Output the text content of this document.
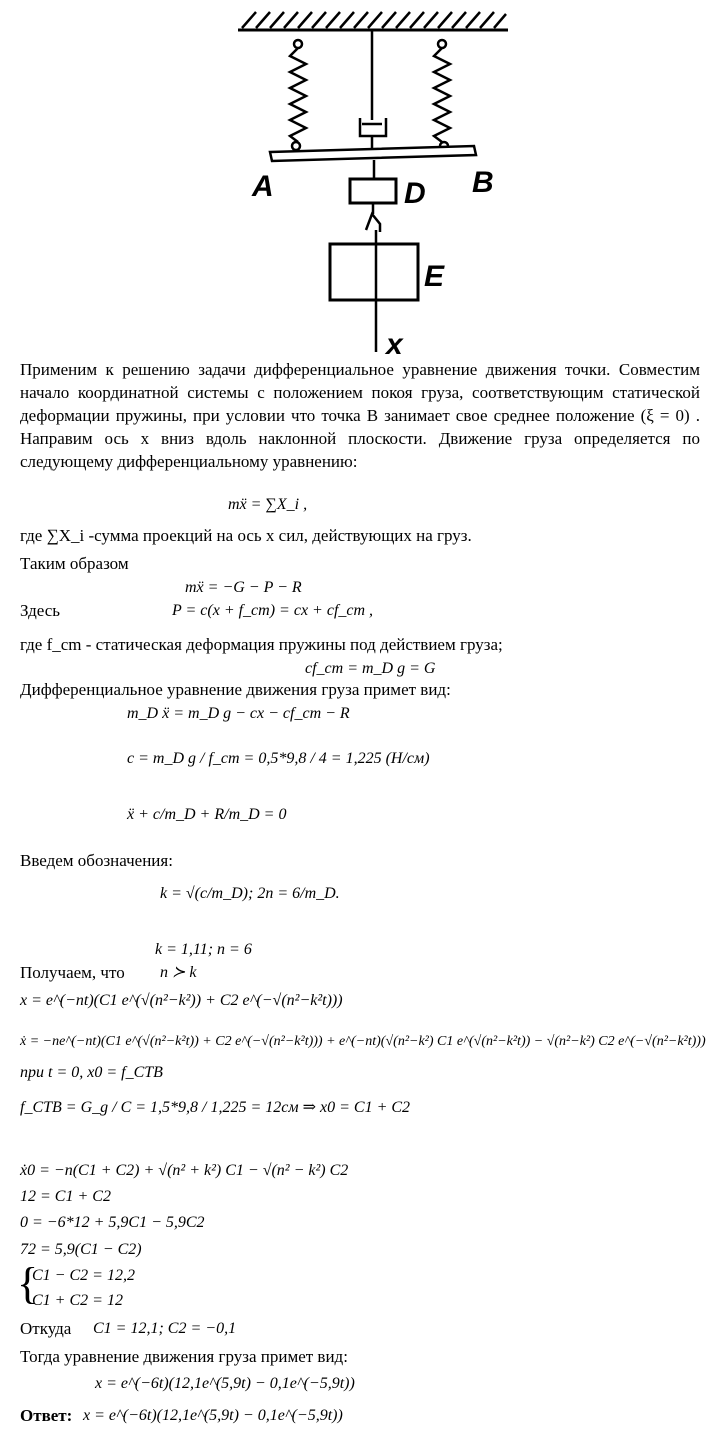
A	B
D
E
x
Применим к решению задачи дифференциальное уравнение движения точки. Совместим начало координатной системы с положением покоя груза, соответствующим статической деформации пружины, при условии что точка В занимает свое среднее положение (ξ = 0) . Направим ось x вниз вдоль наклонной плоскости. Движение груза определяется по следующему дифференциальному уравнению:
mẍ = ∑X_i ,
где ∑X_i -сумма проекций на ось x сил, действующих на груз.
Таким образом
mẍ = −G − P − R
Здесь	P = c(x + f_cm) = cx + cf_cm ,
где f_cm - статическая деформация пружины под действием груза;
cf_cm = m_D g = G
Дифференциальное уравнение движения груза примет вид:
m_D ẍ = m_D g − cx − cf_cm − R
c = m_D g / f_cm = 0,5*9,8 / 4 = 1,225 (H/см)
ẍ + c/m_D + R/m_D = 0
Введем обозначения:
k = √(c/m_D); 2n = 6/m_D.
k = 1,11; n = 6
Получаем, что n ≻ k
x = e^(−nt)(C1 e^(√(n²−k²)) + C2 e^(−√(n²−k²t)))
ẋ = −ne^(−nt)(C1 e^(√(n²−k²t)) + C2 e^(−√(n²−k²t))) + e^(−nt)(√(n²−k²) C1 e^(√(n²−k²t)) − √(n²−k²) C2 e^(−√(n²−k²t)))
при t = 0, x0 = f_CTB
f_CTB = G_g / C = 1,5*9,8 / 1,225 = 12см ⇒ x0 = C1 + C2
ẋ0 = −n(C1 + C2) + √(n² + k²) C1 − √(n² − k²) C2
12 = C1 + C2
0 = −6*12 + 5,9C1 − 5,9C2
72 = 5,9(C1 − C2)
{
C1 − C2 = 12,2
C1 + C2 = 12
Откуда C1 = 12,1; C2 = −0,1
Тогда уравнение движения груза примет вид:
x = e^(−6t)(12,1e^(5,9t) − 0,1e^(−5,9t))
Ответ: x = e^(−6t)(12,1e^(5,9t) − 0,1e^(−5,9t))
